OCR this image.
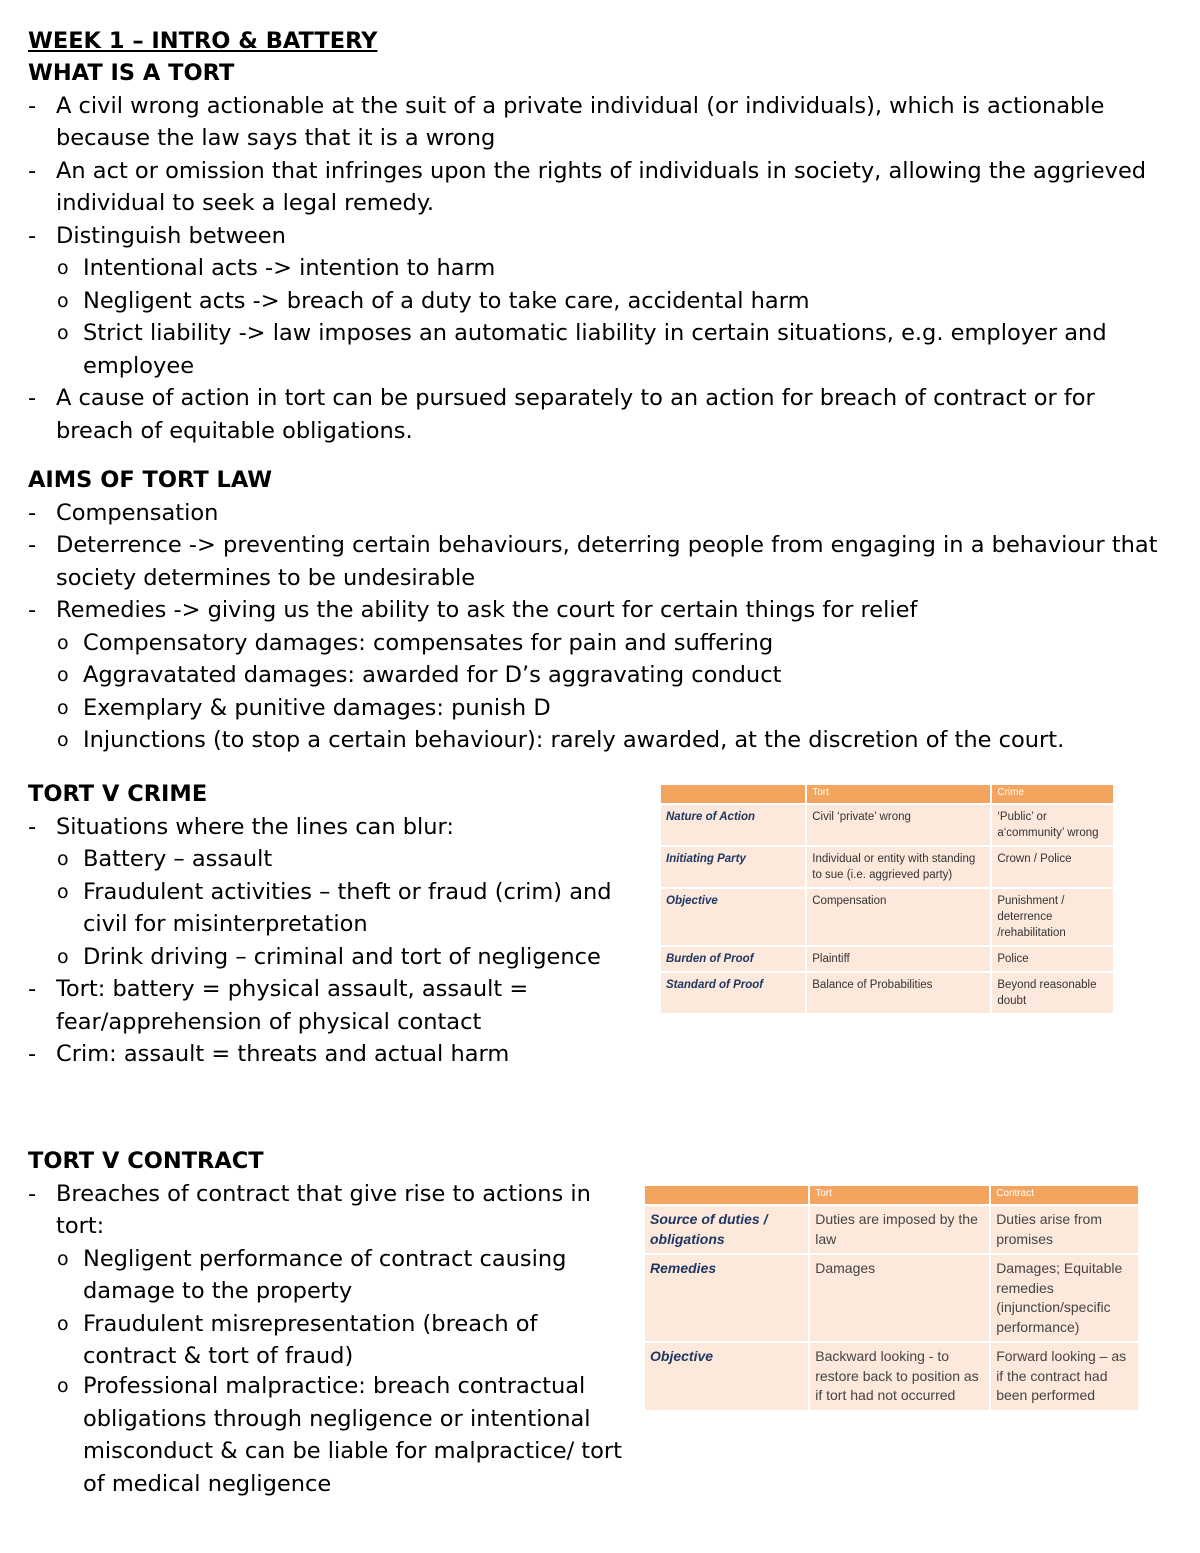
WEEK 1 – INTRO & BATTERY
WHAT IS A TORT
- A civil wrong actionable at the suit of a private individual (or individuals), which is actionable because the law says that it is a wrong
- An act or omission that infringes upon the rights of individuals in society, allowing the aggrieved individual to seek a legal remedy.
- Distinguish between
o Intentional acts -> intention to harm
o Negligent acts -> breach of a duty to take care, accidental harm
o Strict liability -> law imposes an automatic liability in certain situations, e.g. employer and employee
- A cause of action in tort can be pursued separately to an action for breach of contract or for breach of equitable obligations.
AIMS OF TORT LAW
- Compensation
- Deterrence -> preventing certain behaviours, deterring people from engaging in a behaviour that society determines to be undesirable
- Remedies -> giving us the ability to ask the court for certain things for relief
o Compensatory damages: compensates for pain and suffering
o Aggravatated damages: awarded for D’s aggravating conduct
o Exemplary & punitive damages: punish D
o Injunctions (to stop a certain behaviour): rarely awarded, at the discretion of the court.
TORT V CRIME
- Situations where the lines can blur:
o Battery – assault
o Fraudulent activities – theft or fraud (crim) and civil for misinterpretation
o Drink driving – criminal and tort of negligence
- Tort: battery = physical assault, assault = fear/apprehension of physical contact
- Crim: assault = threats and actual harm
	Tort	Crime
Nature of Action	Civil ‘private’ wrong	‘Public’ or a‘community’ wrong
Initiating Party	Individual or entity with standing to sue (i.e. aggrieved party)	Crown / Police
Objective	Compensation	Punishment / deterrence /rehabilitation
Burden of Proof	Plaintiff	Police
Standard of Proof	Balance of Probabilities	Beyond reasonable doubt
TORT V CONTRACT
- Breaches of contract that give rise to actions in tort:
o Negligent performance of contract causing damage to the property
o Fraudulent misrepresentation (breach of contract & tort of fraud)
o Professional malpractice: breach contractual obligations through negligence or intentional misconduct & can be liable for malpractice/ tort of medical negligence
	Tort	Contract
Source of duties / obligations	Duties are imposed by the law	Duties arise from promises
Remedies	Damages	Damages; Equitable remedies (injunction/specific performance)
Objective	Backward looking - to restore back to position as if tort had not occurred	Forward looking – as if the contract had been performed
